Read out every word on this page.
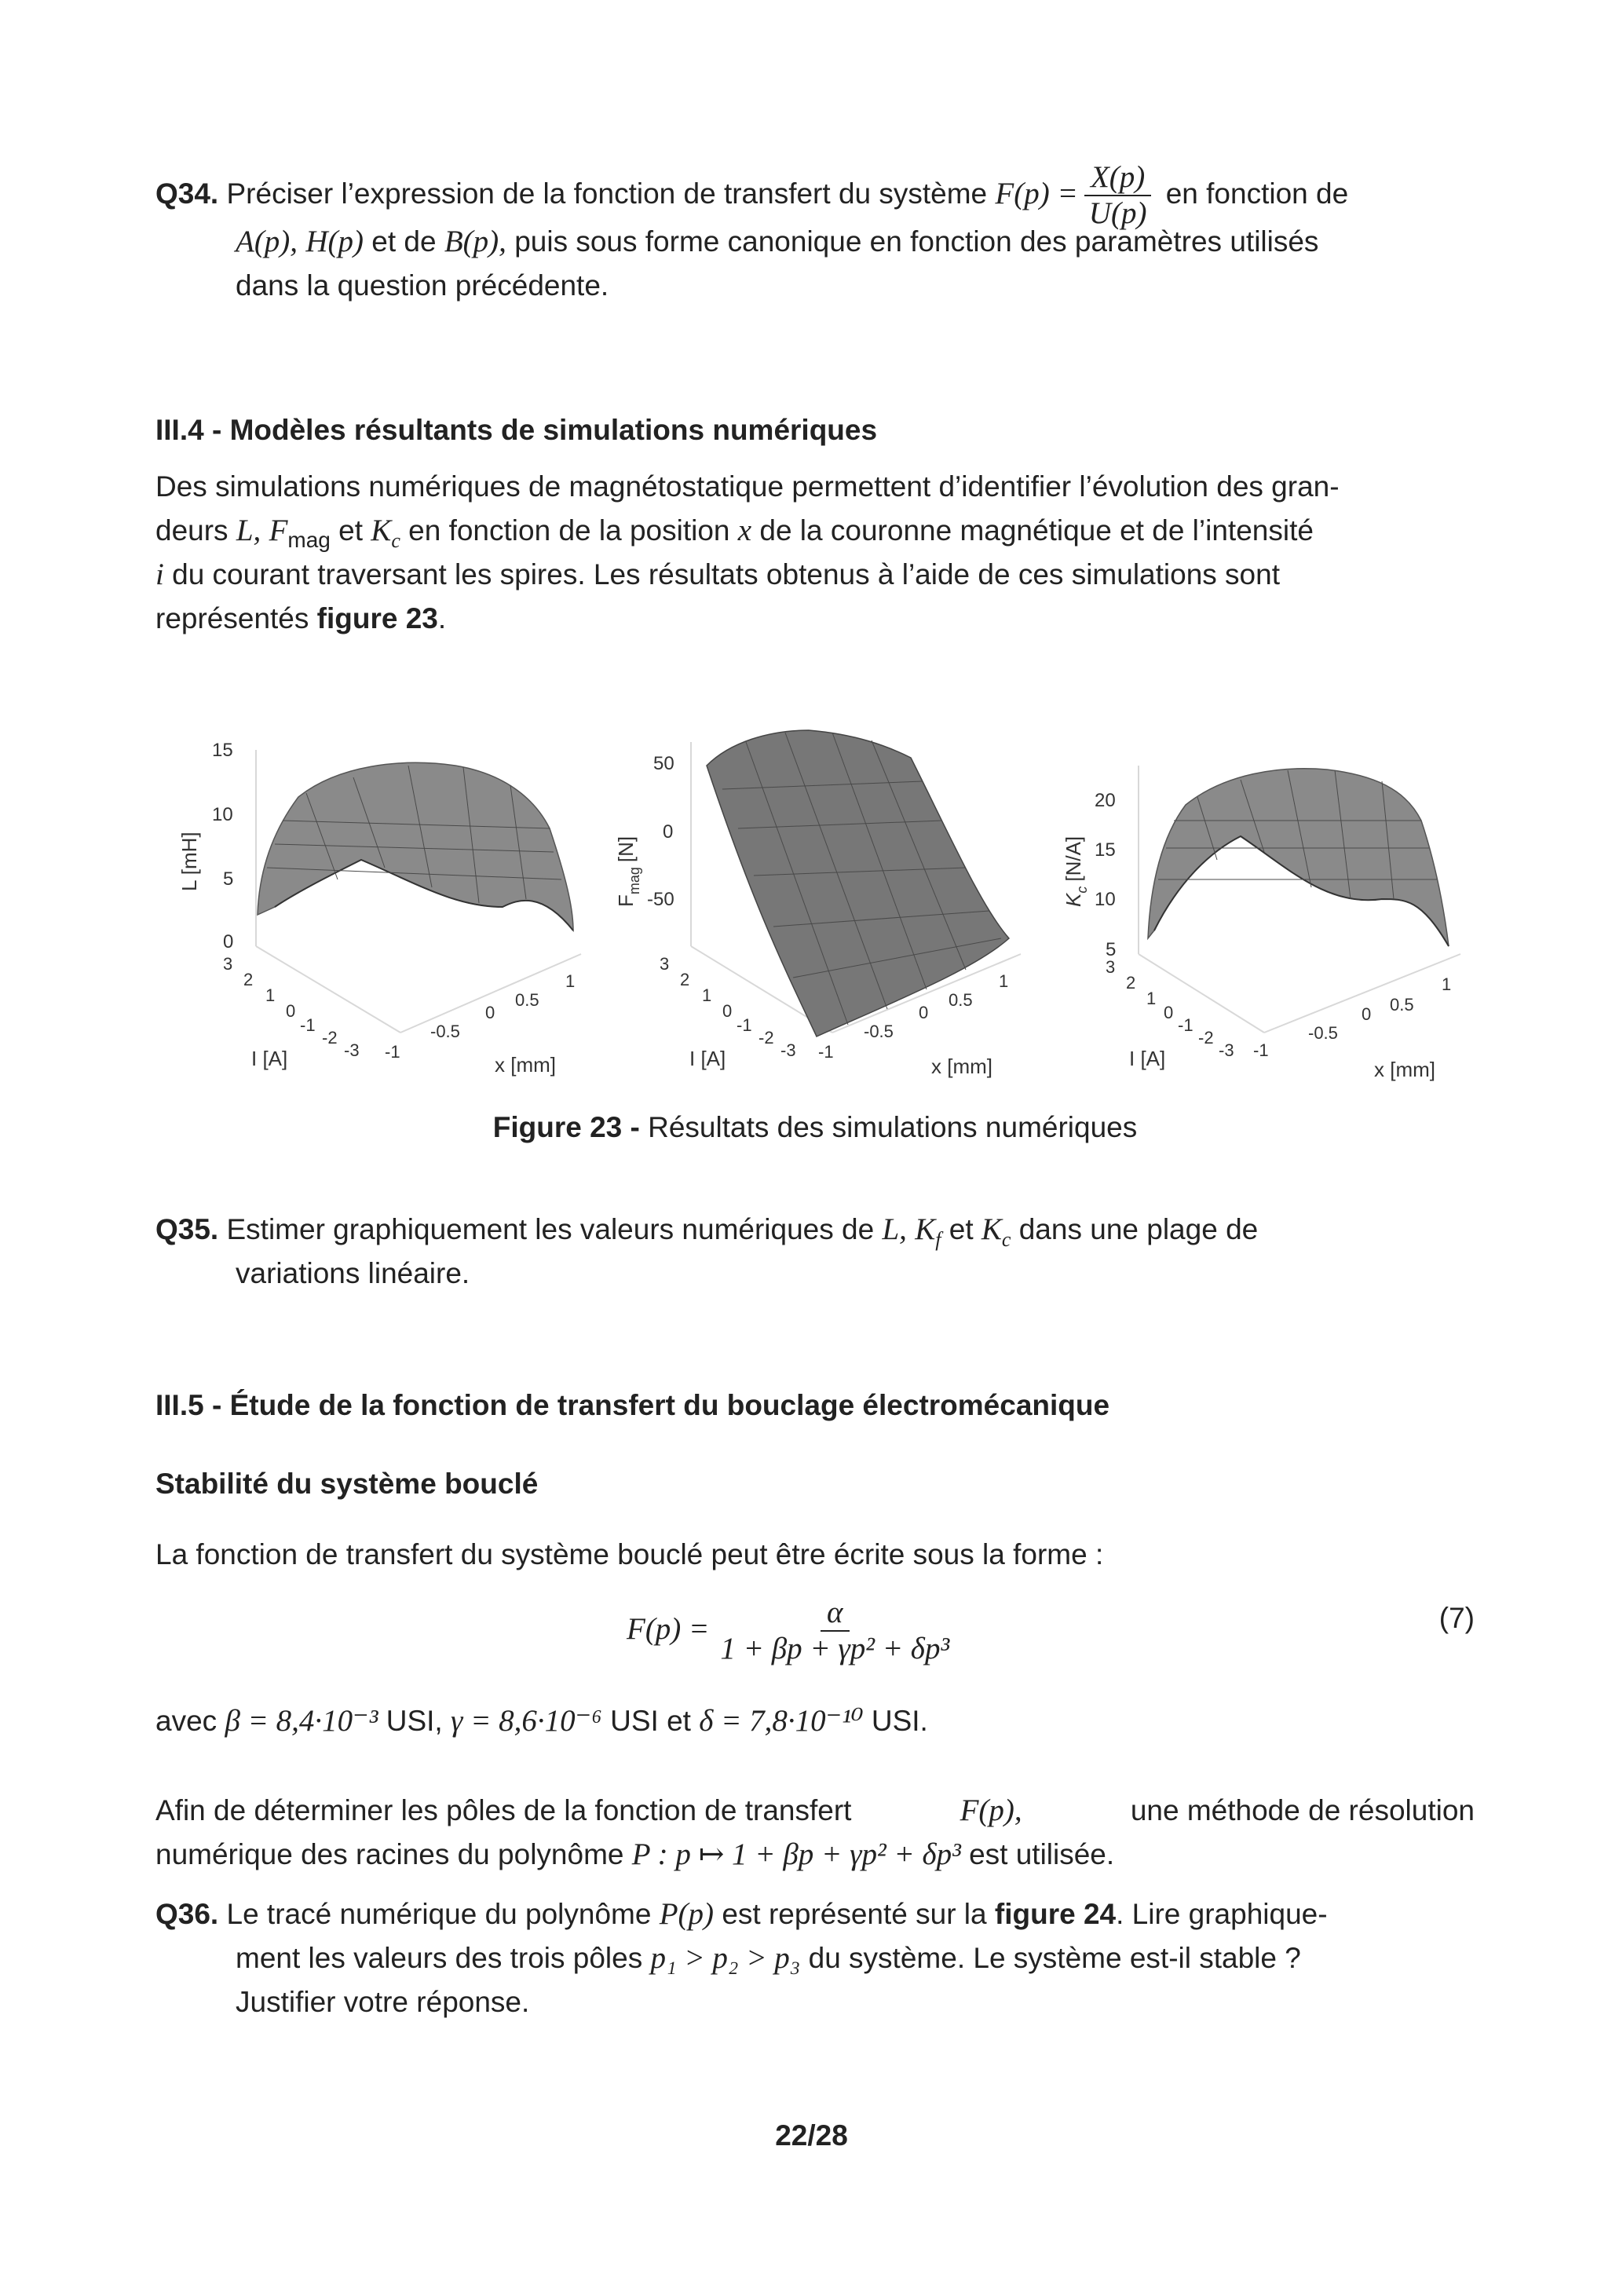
Q34. Préciser l’expression de la fonction de transfert du système $F(p) = \frac{X(p)}{U(p)}$ en fonction de
A(p), H(p) et de B(p), puis sous forme canonique en fonction des paramètres utilisés
dans la question précédente.
III.4 - Modèles résultants de simulations numériques
Des simulations numériques de magnétostatique permettent d’identifier l’évolution des gran-
deurs L, $F_{mag}$ et $K_c$ en fonction de la position x de la couronne magnétique et de l’intensité
i du courant traversant les spires. Les résultats obtenus à l’aide de ces simulations sont
représentés figure 23.
15
10
5
0
L [mH]
3
2
1
0
-1
-2
-3 -1
-0.5
0
0.5
1
I [A]	x [mm]
50
0
-50
$F_{mag}[N]$
3
2
1
0
-1
-2
-3 -1
-0.5
0
0.5
1
I [A]	x [mm]
20
15
10
5
$K_c[N/A]$
3
2
1
0
-1
-2
-3 -1
-0.5
0 0.5
1
I [A]	x [mm]
Figure 23 - Résultats des simulations numériques
Q35. Estimer graphiquement les valeurs numériques de L, $K_f$ et $K_c$ dans une plage de
variations linéaire.
III.5 - Étude de la fonction de transfert du bouclage électromécanique
Stabilité du système bouclé
La fonction de transfert du système bouclé peut être écrite sous la forme :
$F(p) = \frac{\alpha}{\text{1 + βp + γp² + δp³}}$	(7)
avec β = 8,4·10⁻³ USI, γ = 8,6·10⁻⁶ USI et δ = 7,8·10⁻¹⁰ USI.
Afin de déterminer les pôles de la fonction de transfert	F(p),	une méthode de résolution
numérique des racines du polynôme P : p ↦ 1 + βp + γp² + δp³ est utilisée.
Q36. Le tracé numérique du polynôme P(p) est représenté sur la figure 24. Lire graphique-
ment les valeurs des trois pôles p₁ > p₂ > p₃ du système. Le système est-il stable ?
Justifier votre réponse.
22/28
